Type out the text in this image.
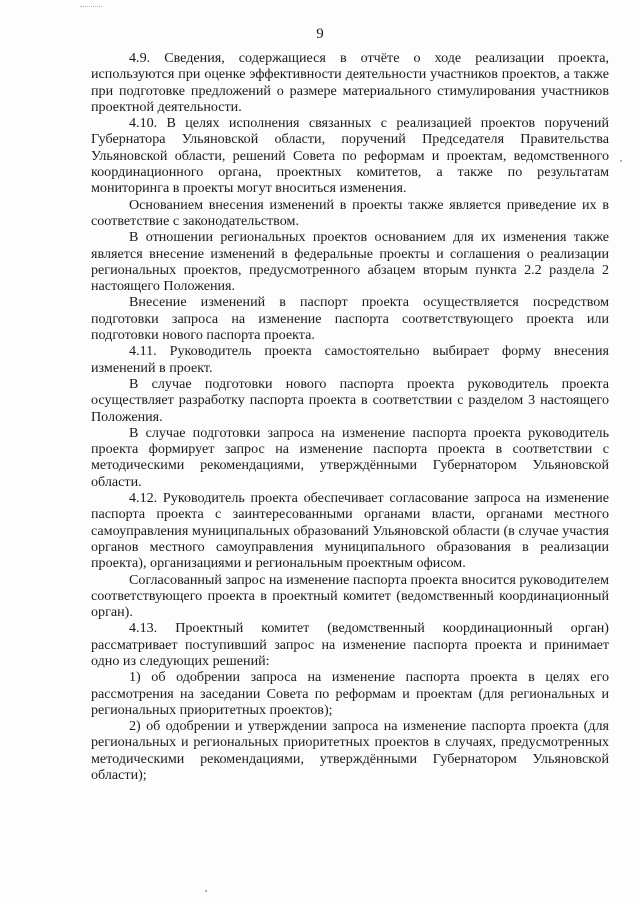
9

4.9. Сведения, содержащиеся в отчёте о ходе реализации проекта, используются при оценке эффективности деятельности участников проектов, а также при подготовке предложений о размере материального стимулирования участников проектной деятельности.

4.10. В целях исполнения связанных с реализацией проектов поручений Губернатора Ульяновской области, поручений Председателя Правительства Ульяновской области, решений Совета по реформам и проектам, ведомственного координационного органа, проектных комитетов, а также по результатам мониторинга в проекты могут вноситься изменения.

Основанием внесения изменений в проекты также является приведение их в соответствие с законодательством.

В отношении региональных проектов основанием для их изменения также является внесение изменений в федеральные проекты и соглашения о реализации региональных проектов, предусмотренного абзацем вторым пункта 2.2 раздела 2 настоящего Положения.

Внесение изменений в паспорт проекта осуществляется посредством подготовки запроса на изменение паспорта соответствующего проекта или подготовки нового паспорта проекта.

4.11. Руководитель проекта самостоятельно выбирает форму внесения изменений в проект.

В случае подготовки нового паспорта проекта руководитель проекта осуществляет разработку паспорта проекта в соответствии с разделом 3 настоящего Положения.

В случае подготовки запроса на изменение паспорта проекта руководитель проекта формирует запрос на изменение паспорта проекта в соответствии с методическими рекомендациями, утверждёнными Губернатором Ульяновской области.

4.12. Руководитель проекта обеспечивает согласование запроса на изменение паспорта проекта с заинтересованными органами власти, органами местного самоуправления муниципальных образований Ульяновской области (в случае участия органов местного самоуправления муниципального образования в реализации проекта), организациями и региональным проектным офисом.

Согласованный запрос на изменение паспорта проекта вносится руководителем соответствующего проекта в проектный комитет (ведомственный координационный орган).

4.13. Проектный комитет (ведомственный координационный орган) рассматривает поступивший запрос на изменение паспорта проекта и принимает одно из следующих решений:

1) об одобрении запроса на изменение паспорта проекта в целях его рассмотрения на заседании Совета по реформам и проектам (для региональных и региональных приоритетных проектов);

2) об одобрении и утверждении запроса на изменение паспорта проекта (для региональных и региональных приоритетных проектов в случаях, предусмотренных методическими рекомендациями, утверждёнными Губернатором Ульяновской области);
